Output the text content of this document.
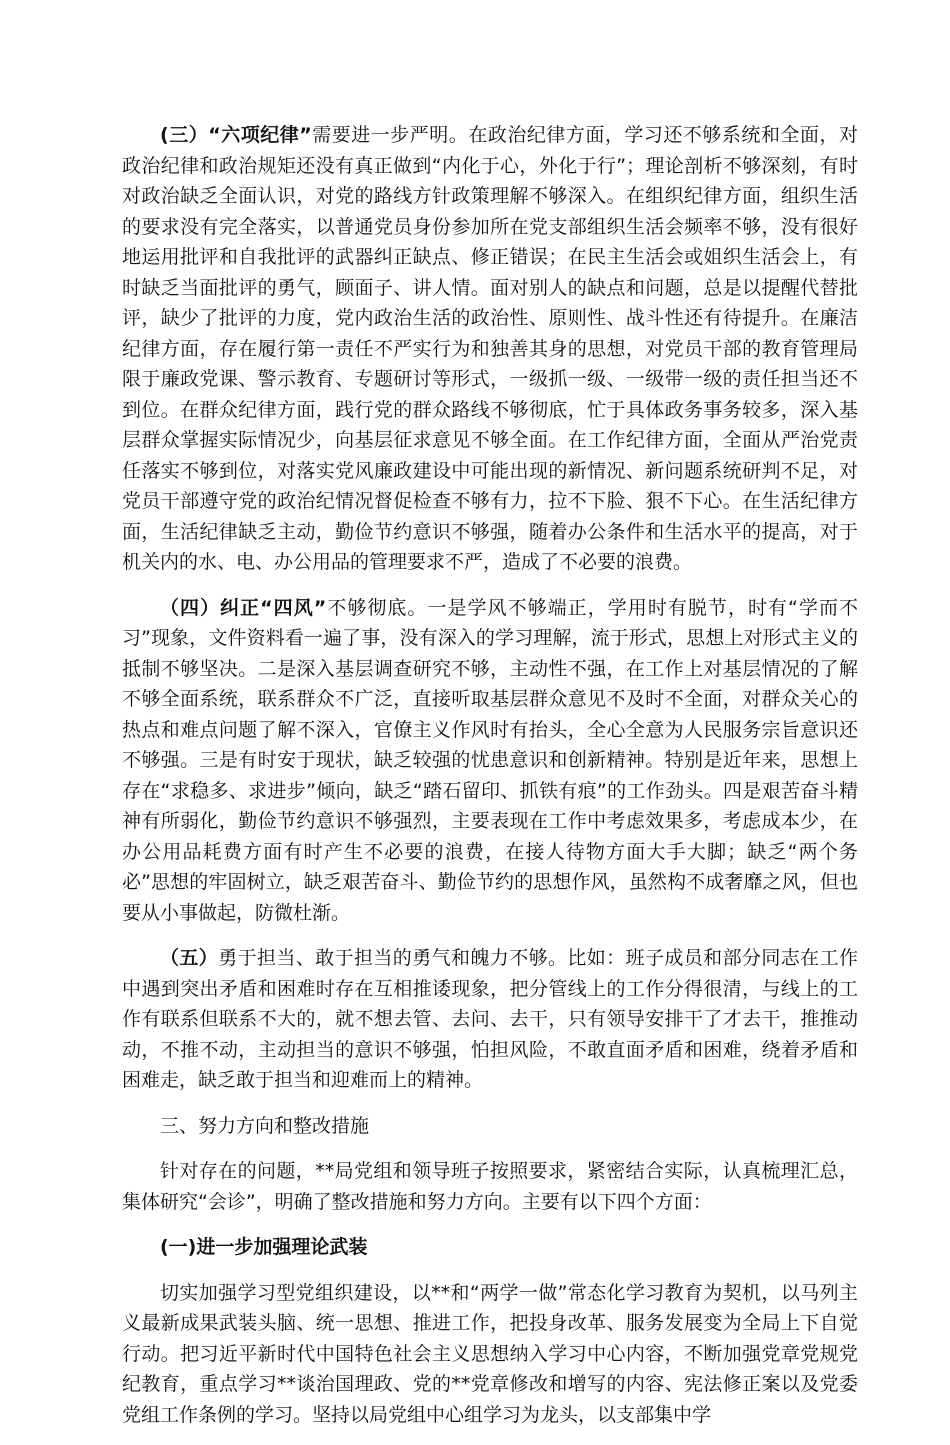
(三）“六项纪律”需要进一步严明。在政治纪律方面，学习还不够系统和全面，对政治纪律和政治规矩还没有真正做到“内化于心，外化于行”；理论剖析不够深刻，有时对政治缺乏全面认识，对党的路线方针政策理解不够深入。在组织纪律方面，组织生活的要求没有完全落实，以普通党员身份参加所在党支部组织生活会频率不够，没有很好地运用批评和自我批评的武器纠正缺点、修正错误；在民主生活会或姐织生活会上，有时缺乏当面批评的勇气，顾面子、讲人情。面对别人的缺点和问题，总是以提醒代替批评，缺少了批评的力度，党内政治生活的政治性、原则性、战斗性还有待提升。在廉洁纪律方面，存在履行第一责任不严实行为和独善其身的思想，对党员干部的教育管理局限于廉政党课、警示教育、专题研讨等形式，一级抓一级、一级带一级的责任担当还不到位。在群众纪律方面，践行党的群众路线不够彻底，忙于具体政务事务较多，深入基层群众掌握实际情况少，向基层征求意见不够全面。在工作纪律方面，全面从严治党责任落实不够到位，对落实党风廉政建设中可能出现的新情况、新问题系统研判不足，对党员干部遵守党的政治纪情况督促检查不够有力，拉不下脸、狠不下心。在生活纪律方面，生活纪律缺乏主动，勤俭节约意识不够强，随着办公条件和生活水平的提高，对于机关内的水、电、办公用品的管理要求不严，造成了不必要的浪费。

（四）纠正“四风”不够彻底。一是学风不够端正，学用时有脱节，时有“学而不习”现象，文件资料看一遍了事，没有深入的学习理解，流于形式，思想上对形式主义的抵制不够坚决。二是深入基层调查研究不够，主动性不强，在工作上对基层情况的了解不够全面系统，联系群众不广泛，直接听取基层群众意见不及时不全面，对群众关心的热点和难点问题了解不深入，官僚主义作风时有抬头，全心全意为人民服务宗旨意识还不够强。三是有时安于现状，缺乏较强的忧患意识和创新精神。特别是近年来，思想上存在“求稳多、求进步”倾向，缺乏“踏石留印、抓铁有痕”的工作劲头。四是艰苦奋斗精神有所弱化，勤俭节约意识不够强烈，主要表现在工作中考虑效果多，考虑成本少，在办公用品耗费方面有时产生不必要的浪费，在接人待物方面大手大脚；缺乏“两个务必”思想的牢固树立，缺乏艰苦奋斗、勤俭节约的思想作风，虽然构不成奢靡之风，但也要从小事做起，防微杜渐。

（五）勇于担当、敢于担当的勇气和魄力不够。比如：班子成员和部分同志在工作中遇到突出矛盾和困难时存在互相推诿现象，把分管线上的工作分得很清，与线上的工作有联系但联系不大的，就不想去管、去问、去干，只有领导安排干了才去干，推推动动，不推不动，主动担当的意识不够强，怕担风险，不敢直面矛盾和困难，绕着矛盾和困难走，缺乏敢于担当和迎难而上的精神。

三、努力方向和整改措施

针对存在的问题，**局党组和领导班子按照要求，紧密结合实际，认真梳理汇总，集体研究“会诊”，明确了整改措施和努力方向。主要有以下四个方面：

(一)进一步加强理论武装

切实加强学习型党组织建设，以**和“两学一做”常态化学习教育为契机，以马列主义最新成果武装头脑、统一思想、推进工作，把投身改革、服务发展变为全局上下自觉行动。把习近平新时代中国特色社会主义思想纳入学习中心内容，不断加强党章党规党纪教育，重点学习**谈治国理政、党的**党章修改和增写的内容、宪法修正案以及党委党组工作条例的学习。坚持以局党组中心组学习为龙头，以支部集中学
